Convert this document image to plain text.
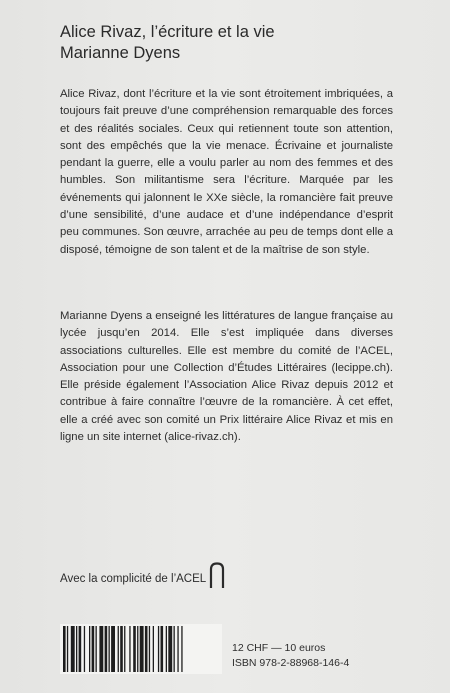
Alice Rivaz, l’écriture et la vie
Marianne Dyens

Alice Rivaz, dont l’écriture et la vie sont étroitement imbriquées, a toujours fait preuve d’une compréhension remarquable des forces et des réalités sociales. Ceux qui retiennent toute son attention, sont des empêchés que la vie menace. Écrivaine et journaliste pendant la guerre, elle a voulu parler au nom des femmes et des humbles. Son militantisme sera l’écriture. Marquée par les événements qui jalonnent le XXe siècle, la romancière fait preuve d’une sensibilité, d’une audace et d’une indépendance d’esprit peu communes. Son œuvre, arrachée au peu de temps dont elle a disposé, témoigne de son talent et de la maîtrise de son style.

Marianne Dyens a enseigné les littératures de langue française au lycée jusqu’en 2014. Elle s’est impliquée dans diverses associations culturelles. Elle est membre du comité de l’ACEL, Association pour une Collection d’Études Littéraires (lecippe.ch). Elle préside également l’Association Alice Rivaz depuis 2012 et contribue à faire connaître l’œuvre de la romancière. À cet effet, elle a créé avec son comité un Prix littéraire Alice Rivaz et mis en ligne un site internet (alice-rivaz.ch).

Avec la complicité de l’ACEL
12 CHF — 10 euros
ISBN 978-2-88968-146-4
